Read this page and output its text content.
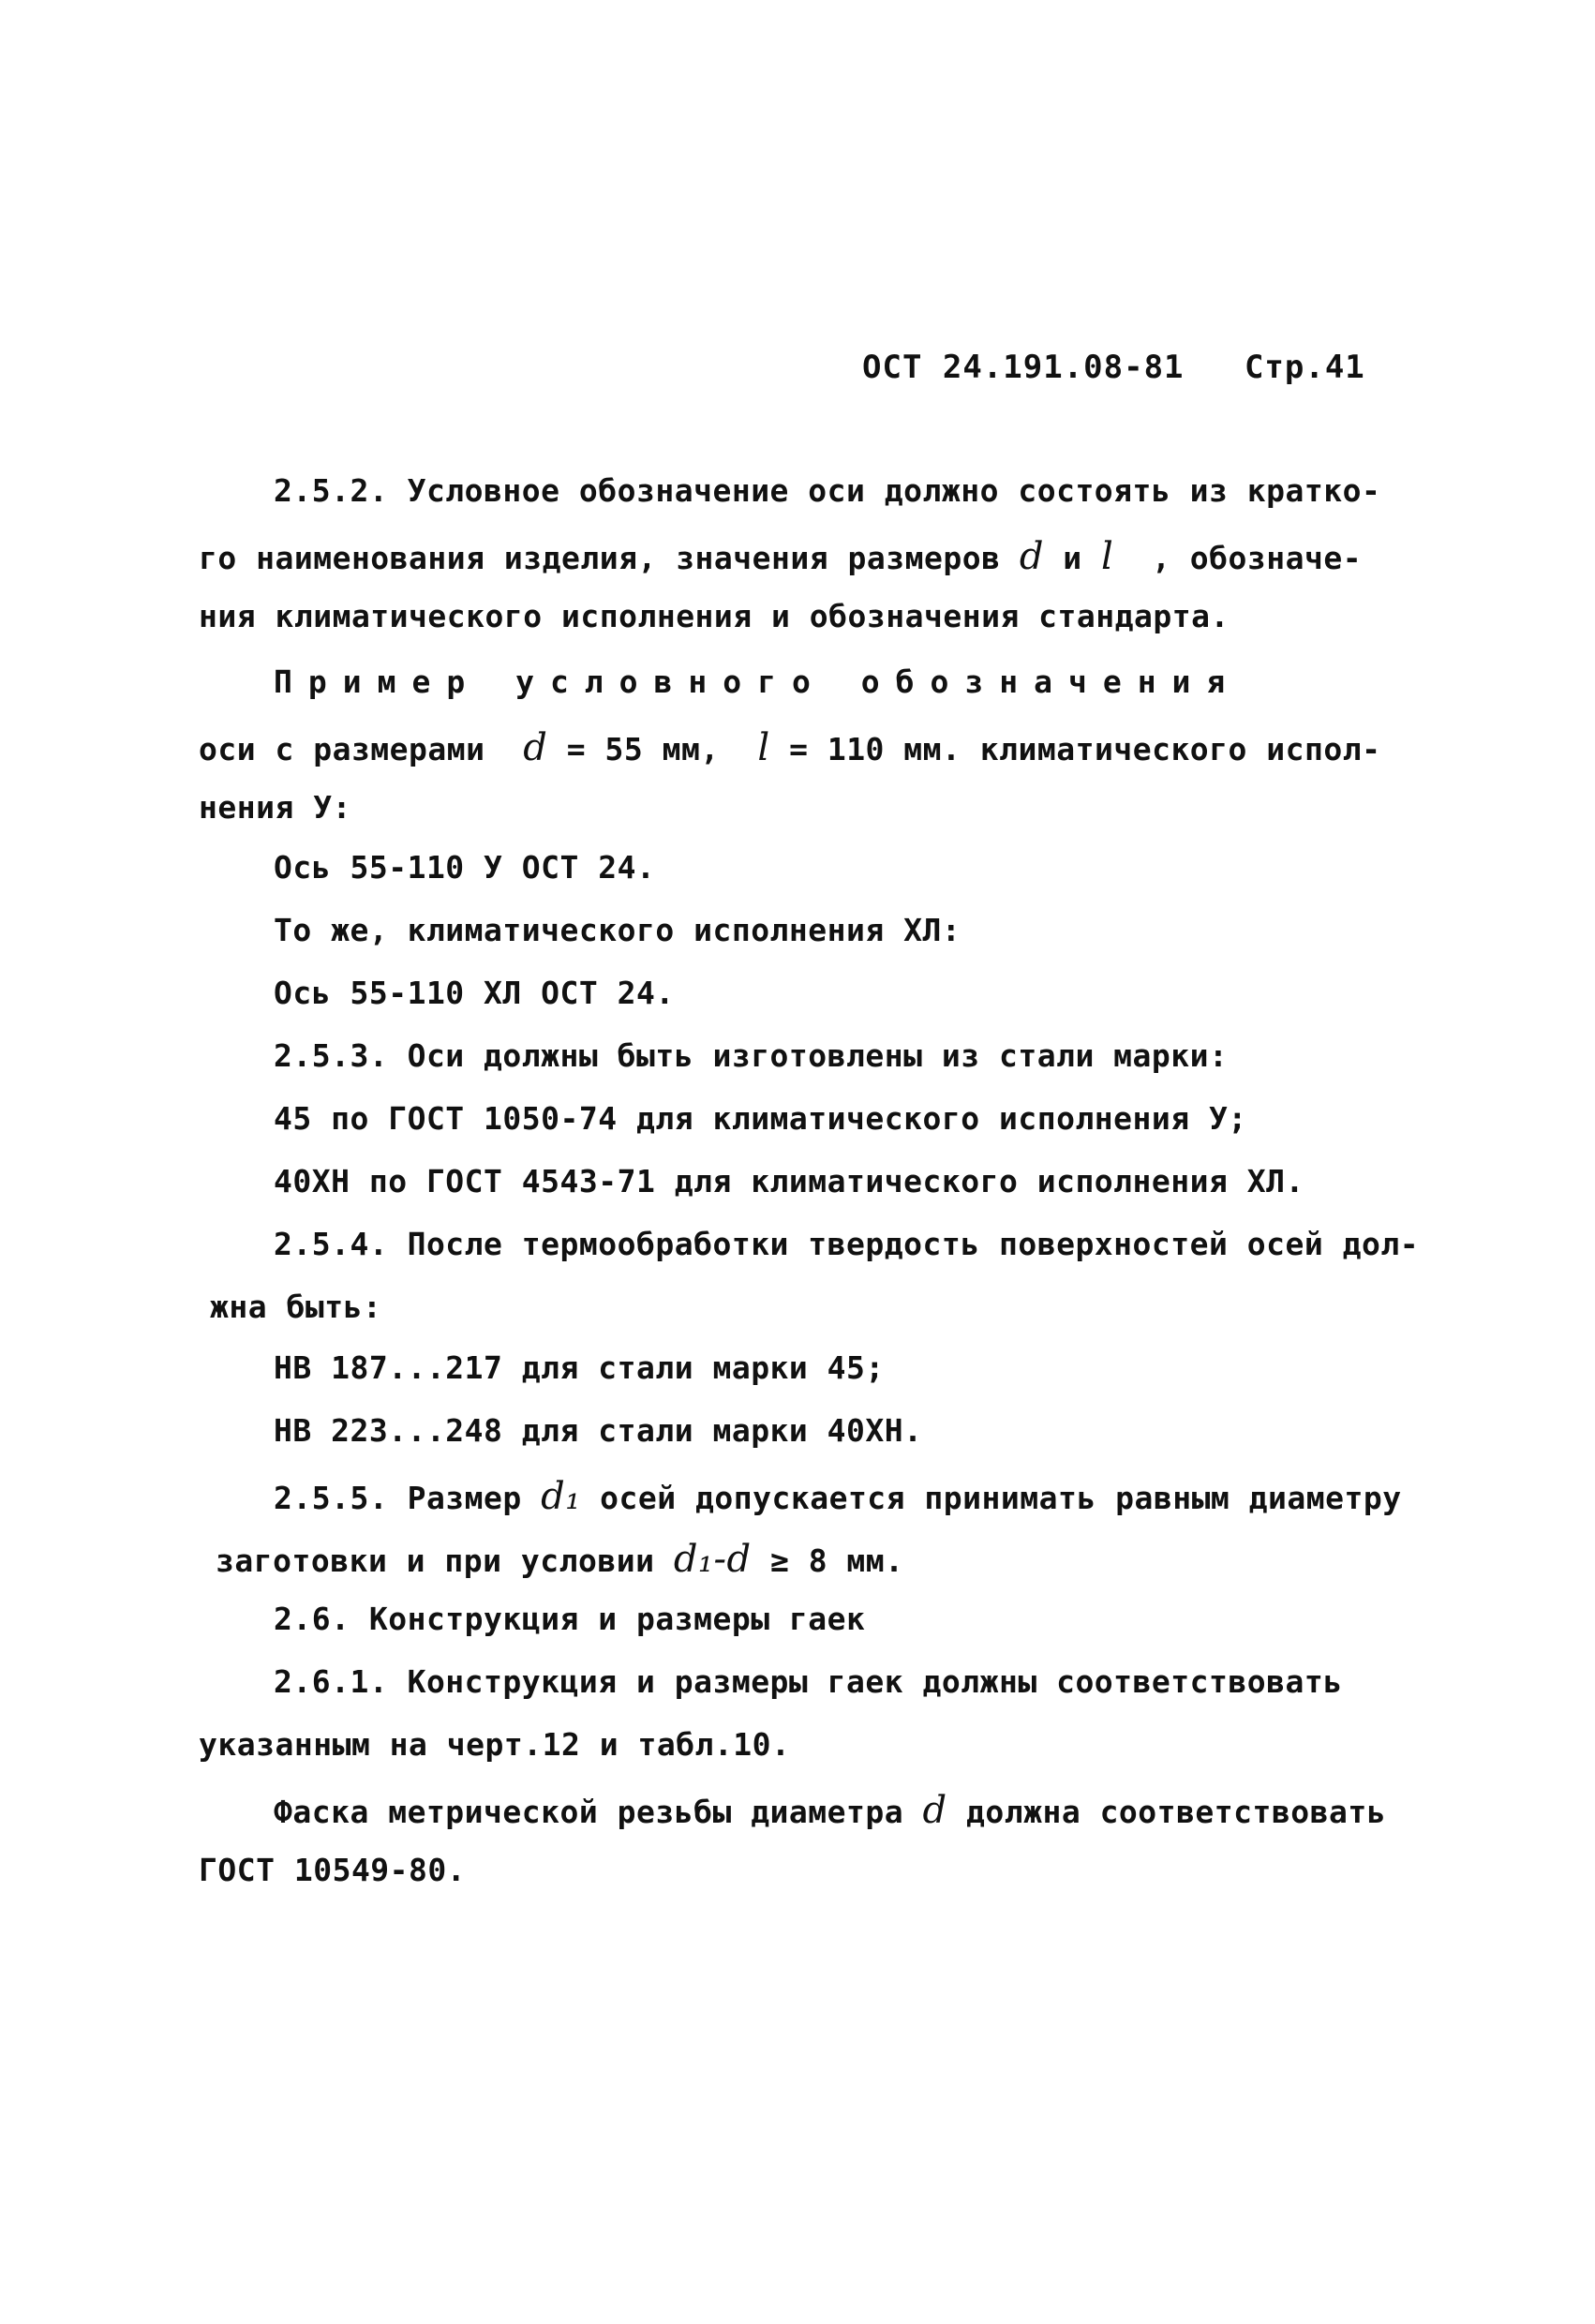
ОСТ 24.191.08-81 Стр.41
2.5.2. Условное обозначение оси должно состоять из кратко-
го наименования изделия, значения размеров d и l  , обозначе-
ния климатического исполнения и обозначения стандарта.
Пример условного обозначения
оси с размерами  d = 55 мм,  l = 110 мм. климатического испол-
нения У:
Ось 55-110 У ОСТ 24.
То же, климатического исполнения ХЛ:
Ось 55-110 ХЛ ОСТ 24.
2.5.3. Оси должны быть изготовлены из стали марки:
45 по ГОСТ 1050-74 для климатического исполнения У;
40ХН по ГОСТ 4543-71 для климатического исполнения ХЛ.
2.5.4. После термообработки твердость поверхностей осей дол-
жна быть:
НВ 187...217 для стали марки 45;
НВ 223...248 для стали марки 40ХН.
2.5.5. Размер d₁ осей допускается принимать равным диаметру
заготовки и при условии d₁-d ≥ 8 мм.
2.6. Конструкция и размеры гаек
2.6.1. Конструкция и размеры гаек должны соответствовать
указанным на черт.12 и табл.10.
Фаска метрической резьбы диаметра d должна соответствовать
ГОСТ 10549-80.
